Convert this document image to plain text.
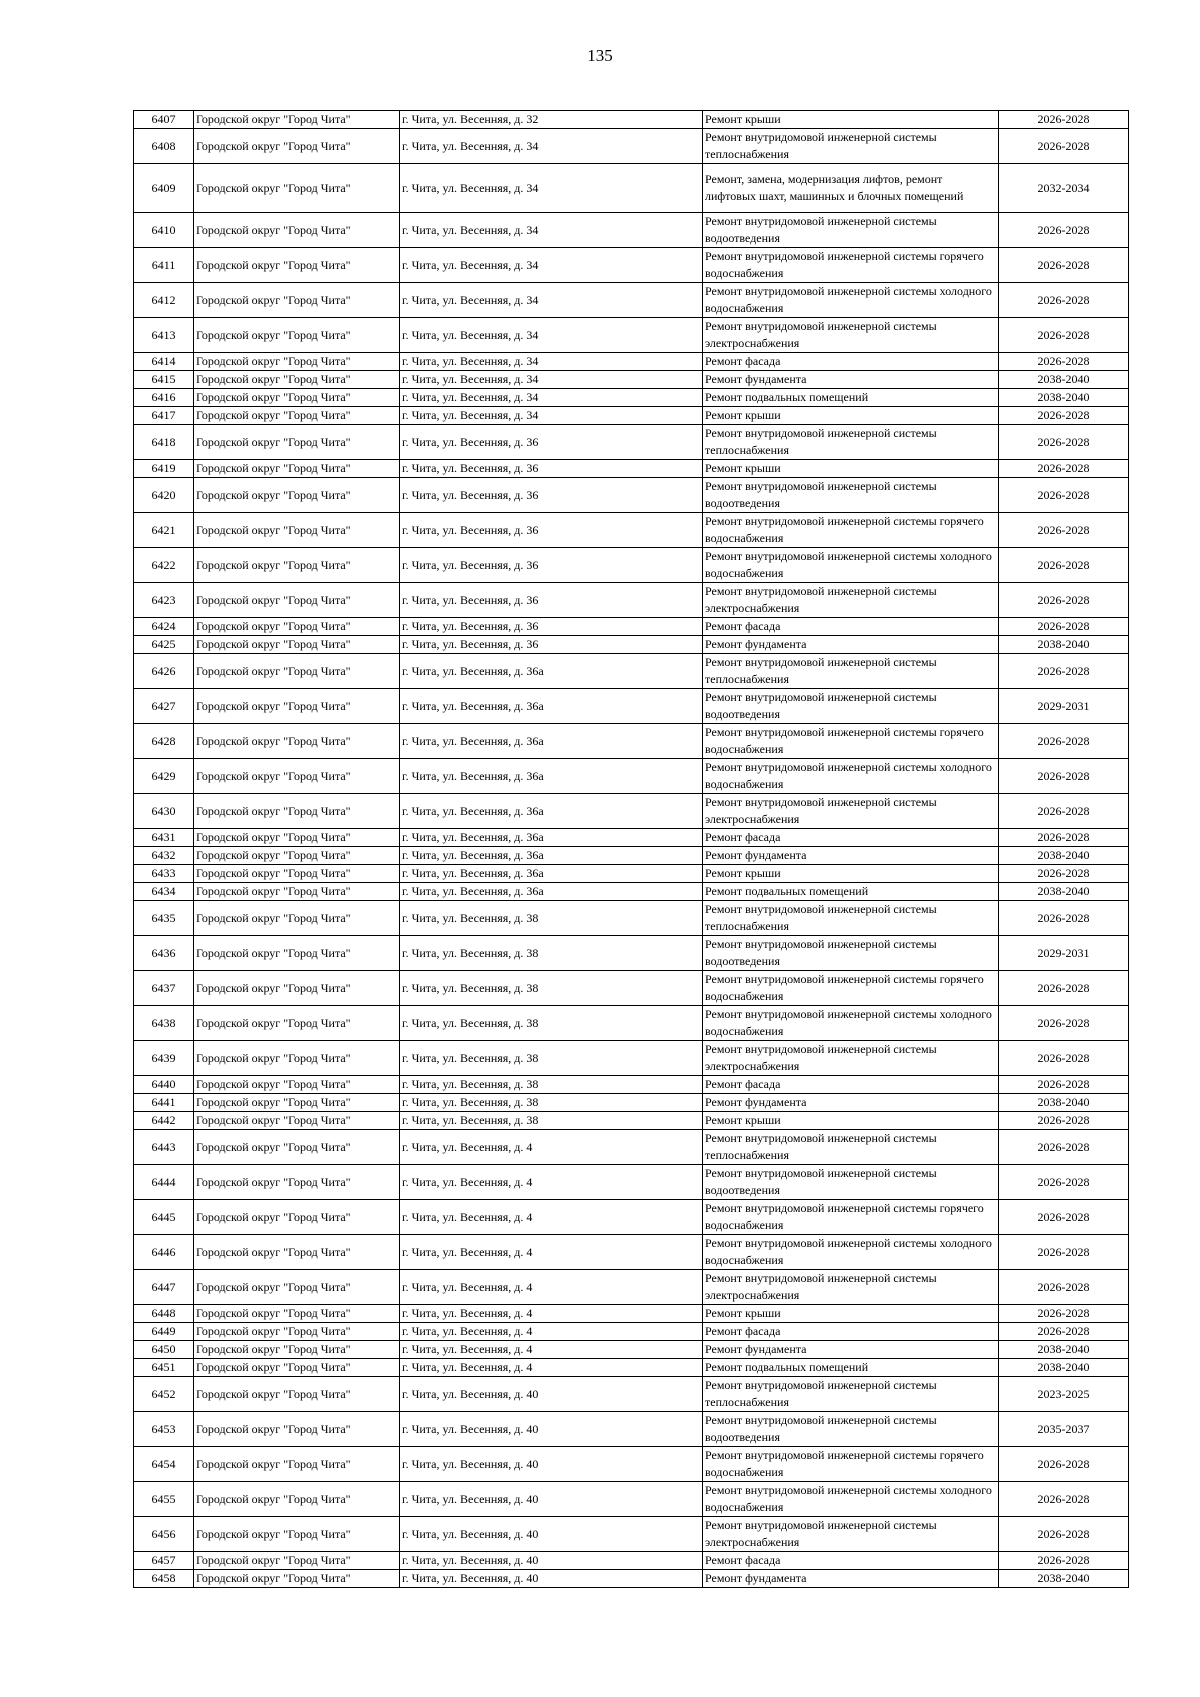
135
6407	Городской округ "Город Чита"	г. Чита, ул. Весенняя, д. 32	Ремонт крыши	2026-2028
6408	Городской округ "Город Чита"	г. Чита, ул. Весенняя, д. 34	Ремонт внутридомовой инженерной системы теплоснабжения	2026-2028
6409	Городской округ "Город Чита"	г. Чита, ул. Весенняя, д. 34	Ремонт, замена, модернизация лифтов, ремонт лифтовых шахт, машинных и блочных помещений	2032-2034
6410	Городской округ "Город Чита"	г. Чита, ул. Весенняя, д. 34	Ремонт внутридомовой инженерной системы водоотведения	2026-2028
6411	Городской округ "Город Чита"	г. Чита, ул. Весенняя, д. 34	Ремонт внутридомовой инженерной системы горячего водоснабжения	2026-2028
6412	Городской округ "Город Чита"	г. Чита, ул. Весенняя, д. 34	Ремонт внутридомовой инженерной системы холодного водоснабжения	2026-2028
6413	Городской округ "Город Чита"	г. Чита, ул. Весенняя, д. 34	Ремонт внутридомовой инженерной системы электроснабжения	2026-2028
6414	Городской округ "Город Чита"	г. Чита, ул. Весенняя, д. 34	Ремонт фасада	2026-2028
6415	Городской округ "Город Чита"	г. Чита, ул. Весенняя, д. 34	Ремонт фундамента	2038-2040
6416	Городской округ "Город Чита"	г. Чита, ул. Весенняя, д. 34	Ремонт подвальных помещений	2038-2040
6417	Городской округ "Город Чита"	г. Чита, ул. Весенняя, д. 34	Ремонт крыши	2026-2028
6418	Городской округ "Город Чита"	г. Чита, ул. Весенняя, д. 36	Ремонт внутридомовой инженерной системы теплоснабжения	2026-2028
6419	Городской округ "Город Чита"	г. Чита, ул. Весенняя, д. 36	Ремонт крыши	2026-2028
6420	Городской округ "Город Чита"	г. Чита, ул. Весенняя, д. 36	Ремонт внутридомовой инженерной системы водоотведения	2026-2028
6421	Городской округ "Город Чита"	г. Чита, ул. Весенняя, д. 36	Ремонт внутридомовой инженерной системы горячего водоснабжения	2026-2028
6422	Городской округ "Город Чита"	г. Чита, ул. Весенняя, д. 36	Ремонт внутридомовой инженерной системы холодного водоснабжения	2026-2028
6423	Городской округ "Город Чита"	г. Чита, ул. Весенняя, д. 36	Ремонт внутридомовой инженерной системы электроснабжения	2026-2028
6424	Городской округ "Город Чита"	г. Чита, ул. Весенняя, д. 36	Ремонт фасада	2026-2028
6425	Городской округ "Город Чита"	г. Чита, ул. Весенняя, д. 36	Ремонт фундамента	2038-2040
6426	Городской округ "Город Чита"	г. Чита, ул. Весенняя, д. 36а	Ремонт внутридомовой инженерной системы теплоснабжения	2026-2028
6427	Городской округ "Город Чита"	г. Чита, ул. Весенняя, д. 36а	Ремонт внутридомовой инженерной системы водоотведения	2029-2031
6428	Городской округ "Город Чита"	г. Чита, ул. Весенняя, д. 36а	Ремонт внутридомовой инженерной системы горячего водоснабжения	2026-2028
6429	Городской округ "Город Чита"	г. Чита, ул. Весенняя, д. 36а	Ремонт внутридомовой инженерной системы холодного водоснабжения	2026-2028
6430	Городской округ "Город Чита"	г. Чита, ул. Весенняя, д. 36а	Ремонт внутридомовой инженерной системы электроснабжения	2026-2028
6431	Городской округ "Город Чита"	г. Чита, ул. Весенняя, д. 36а	Ремонт фасада	2026-2028
6432	Городской округ "Город Чита"	г. Чита, ул. Весенняя, д. 36а	Ремонт фундамента	2038-2040
6433	Городской округ "Город Чита"	г. Чита, ул. Весенняя, д. 36а	Ремонт крыши	2026-2028
6434	Городской округ "Город Чита"	г. Чита, ул. Весенняя, д. 36а	Ремонт подвальных помещений	2038-2040
6435	Городской округ "Город Чита"	г. Чита, ул. Весенняя, д. 38	Ремонт внутридомовой инженерной системы теплоснабжения	2026-2028
6436	Городской округ "Город Чита"	г. Чита, ул. Весенняя, д. 38	Ремонт внутридомовой инженерной системы водоотведения	2029-2031
6437	Городской округ "Город Чита"	г. Чита, ул. Весенняя, д. 38	Ремонт внутридомовой инженерной системы горячего водоснабжения	2026-2028
6438	Городской округ "Город Чита"	г. Чита, ул. Весенняя, д. 38	Ремонт внутридомовой инженерной системы холодного водоснабжения	2026-2028
6439	Городской округ "Город Чита"	г. Чита, ул. Весенняя, д. 38	Ремонт внутридомовой инженерной системы электроснабжения	2026-2028
6440	Городской округ "Город Чита"	г. Чита, ул. Весенняя, д. 38	Ремонт фасада	2026-2028
6441	Городской округ "Город Чита"	г. Чита, ул. Весенняя, д. 38	Ремонт фундамента	2038-2040
6442	Городской округ "Город Чита"	г. Чита, ул. Весенняя, д. 38	Ремонт крыши	2026-2028
6443	Городской округ "Город Чита"	г. Чита, ул. Весенняя, д. 4	Ремонт внутридомовой инженерной системы теплоснабжения	2026-2028
6444	Городской округ "Город Чита"	г. Чита, ул. Весенняя, д. 4	Ремонт внутридомовой инженерной системы водоотведения	2026-2028
6445	Городской округ "Город Чита"	г. Чита, ул. Весенняя, д. 4	Ремонт внутридомовой инженерной системы горячего водоснабжения	2026-2028
6446	Городской округ "Город Чита"	г. Чита, ул. Весенняя, д. 4	Ремонт внутридомовой инженерной системы холодного водоснабжения	2026-2028
6447	Городской округ "Город Чита"	г. Чита, ул. Весенняя, д. 4	Ремонт внутридомовой инженерной системы электроснабжения	2026-2028
6448	Городской округ "Город Чита"	г. Чита, ул. Весенняя, д. 4	Ремонт крыши	2026-2028
6449	Городской округ "Город Чита"	г. Чита, ул. Весенняя, д. 4	Ремонт фасада	2026-2028
6450	Городской округ "Город Чита"	г. Чита, ул. Весенняя, д. 4	Ремонт фундамента	2038-2040
6451	Городской округ "Город Чита"	г. Чита, ул. Весенняя, д. 4	Ремонт подвальных помещений	2038-2040
6452	Городской округ "Город Чита"	г. Чита, ул. Весенняя, д. 40	Ремонт внутридомовой инженерной системы теплоснабжения	2023-2025
6453	Городской округ "Город Чита"	г. Чита, ул. Весенняя, д. 40	Ремонт внутридомовой инженерной системы водоотведения	2035-2037
6454	Городской округ "Город Чита"	г. Чита, ул. Весенняя, д. 40	Ремонт внутридомовой инженерной системы горячего водоснабжения	2026-2028
6455	Городской округ "Город Чита"	г. Чита, ул. Весенняя, д. 40	Ремонт внутридомовой инженерной системы холодного водоснабжения	2026-2028
6456	Городской округ "Город Чита"	г. Чита, ул. Весенняя, д. 40	Ремонт внутридомовой инженерной системы электроснабжения	2026-2028
6457	Городской округ "Город Чита"	г. Чита, ул. Весенняя, д. 40	Ремонт фасада	2026-2028
6458	Городской округ "Город Чита"	г. Чита, ул. Весенняя, д. 40	Ремонт фундамента	2038-2040
